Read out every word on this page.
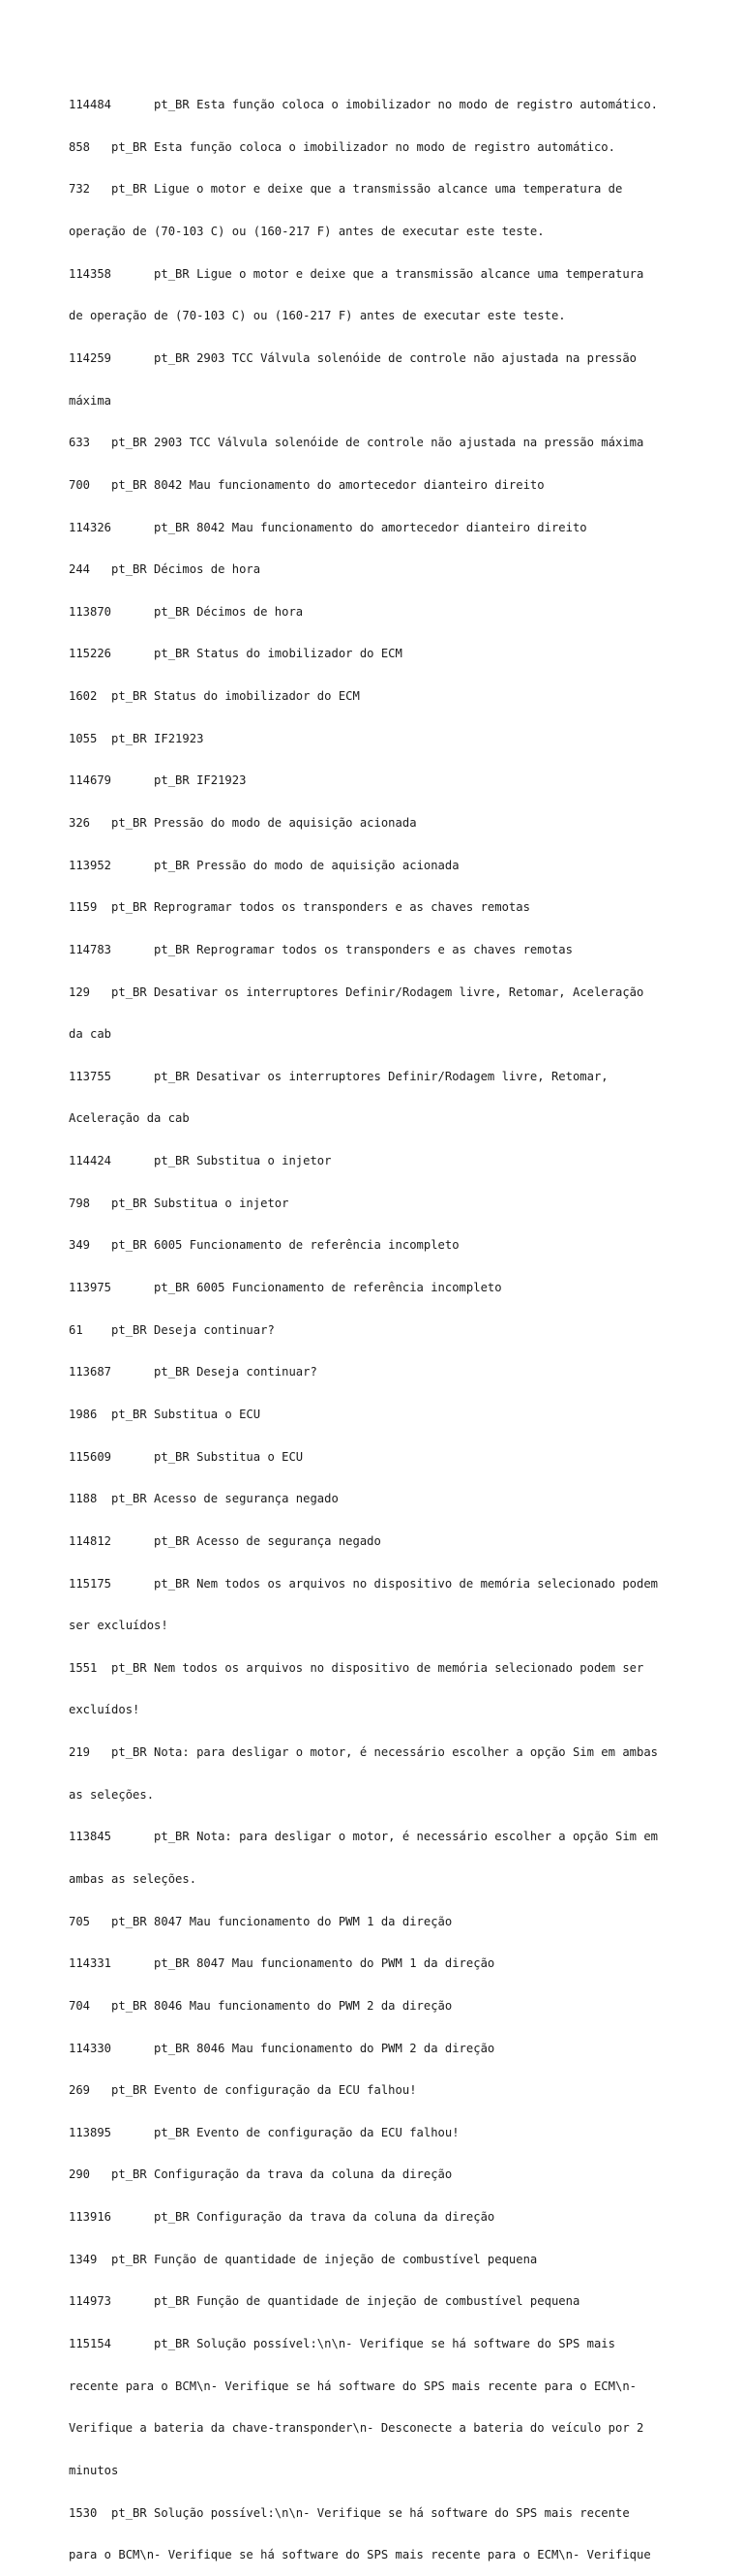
114484      pt_BR Esta função coloca o imobilizador no modo de registro automático.

858   pt_BR Esta função coloca o imobilizador no modo de registro automático.

732   pt_BR Ligue o motor e deixe que a transmissão alcance uma temperatura de

operação de (70-103 C) ou (160-217 F) antes de executar este teste.

114358      pt_BR Ligue o motor e deixe que a transmissão alcance uma temperatura

de operação de (70-103 C) ou (160-217 F) antes de executar este teste.

114259      pt_BR 2903 TCC Válvula solenóide de controle não ajustada na pressão

máxima

633   pt_BR 2903 TCC Válvula solenóide de controle não ajustada na pressão máxima

700   pt_BR 8042 Mau funcionamento do amortecedor dianteiro direito

114326      pt_BR 8042 Mau funcionamento do amortecedor dianteiro direito

244   pt_BR Décimos de hora

113870      pt_BR Décimos de hora

115226      pt_BR Status do imobilizador do ECM

1602  pt_BR Status do imobilizador do ECM

1055  pt_BR IF21923

114679      pt_BR IF21923

326   pt_BR Pressão do modo de aquisição acionada

113952      pt_BR Pressão do modo de aquisição acionada

1159  pt_BR Reprogramar todos os transponders e as chaves remotas

114783      pt_BR Reprogramar todos os transponders e as chaves remotas

129   pt_BR Desativar os interruptores Definir/Rodagem livre, Retomar, Aceleração

da cab

113755      pt_BR Desativar os interruptores Definir/Rodagem livre, Retomar,

Aceleração da cab

114424      pt_BR Substitua o injetor

798   pt_BR Substitua o injetor

349   pt_BR 6005 Funcionamento de referência incompleto

113975      pt_BR 6005 Funcionamento de referência incompleto

61    pt_BR Deseja continuar?

113687      pt_BR Deseja continuar?

1986  pt_BR Substitua o ECU

115609      pt_BR Substitua o ECU

1188  pt_BR Acesso de segurança negado

114812      pt_BR Acesso de segurança negado

115175      pt_BR Nem todos os arquivos no dispositivo de memória selecionado podem

ser excluídos!

1551  pt_BR Nem todos os arquivos no dispositivo de memória selecionado podem ser

excluídos!

219   pt_BR Nota: para desligar o motor, é necessário escolher a opção Sim em ambas

as seleções.

113845      pt_BR Nota: para desligar o motor, é necessário escolher a opção Sim em

ambas as seleções.

705   pt_BR 8047 Mau funcionamento do PWM 1 da direção

114331      pt_BR 8047 Mau funcionamento do PWM 1 da direção

704   pt_BR 8046 Mau funcionamento do PWM 2 da direção

114330      pt_BR 8046 Mau funcionamento do PWM 2 da direção

269   pt_BR Evento de configuração da ECU falhou!

113895      pt_BR Evento de configuração da ECU falhou!

290   pt_BR Configuração da trava da coluna da direção

113916      pt_BR Configuração da trava da coluna da direção

1349  pt_BR Função de quantidade de injeção de combustível pequena

114973      pt_BR Função de quantidade de injeção de combustível pequena

115154      pt_BR Solução possível:\n\n- Verifique se há software do SPS mais

recente para o BCM\n- Verifique se há software do SPS mais recente para o ECM\n-

Verifique a bateria da chave-transponder\n- Desconecte a bateria do veículo por 2

minutos

1530  pt_BR Solução possível:\n\n- Verifique se há software do SPS mais recente

para o BCM\n- Verifique se há software do SPS mais recente para o ECM\n- Verifique
